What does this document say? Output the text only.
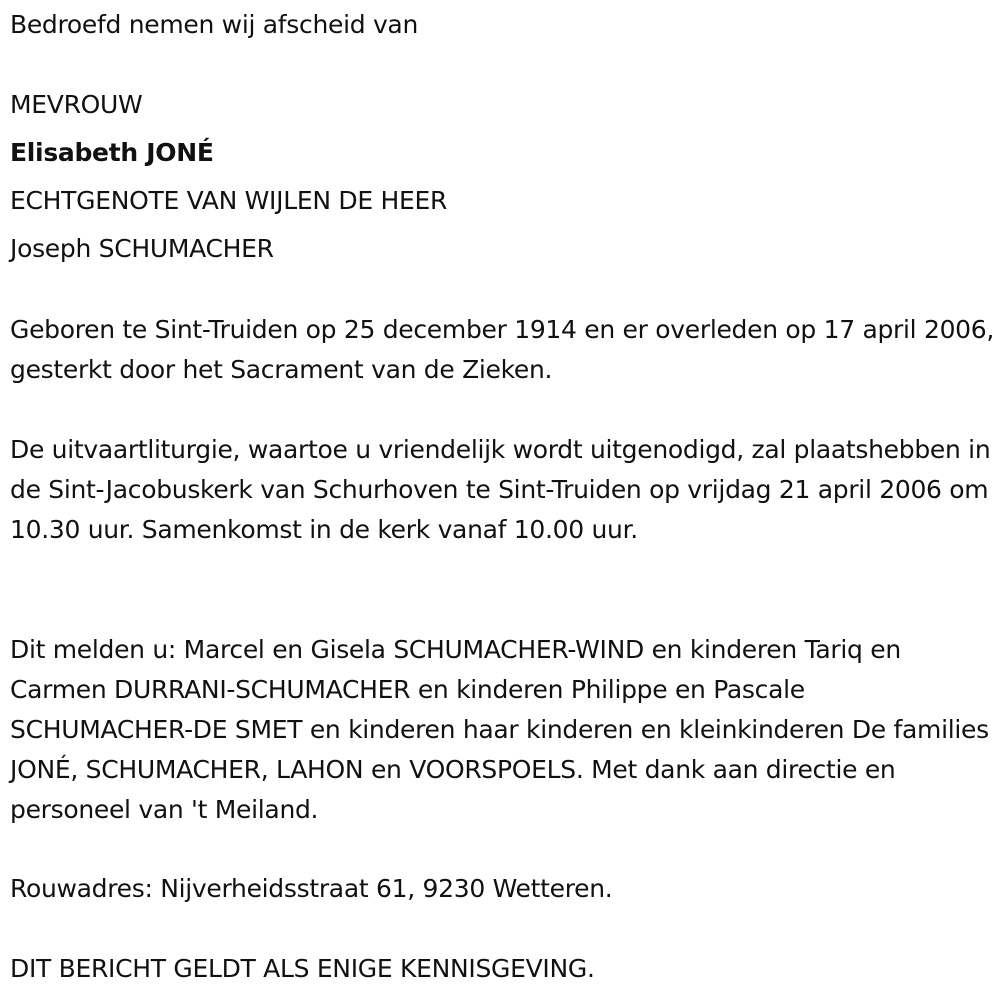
Bedroefd nemen wij afscheid van
MEVROUW
Elisabeth JONÉ
ECHTGENOTE VAN WIJLEN DE HEER
Joseph SCHUMACHER
Geboren te Sint-Truiden op 25 december 1914 en er overleden op 17 april 2006, gesterkt door het Sacrament van de Zieken.
De uitvaartliturgie, waartoe u vriendelijk wordt uitgenodigd, zal plaatshebben in de Sint-Jacobuskerk van Schurhoven te Sint-Truiden op vrijdag 21 april 2006 om 10.30 uur. Samenkomst in de kerk vanaf 10.00 uur.
Dit melden u: Marcel en Gisela SCHUMACHER-WIND en kinderen Tariq en Carmen DURRANI-SCHUMACHER en kinderen Philippe en Pascale SCHUMACHER-DE SMET en kinderen haar kinderen en kleinkinderen De families JONÉ, SCHUMACHER, LAHON en VOORSPOELS. Met dank aan directie en personeel van 't Meiland.
Rouwadres: Nijverheidsstraat 61, 9230 Wetteren.
DIT BERICHT GELDT ALS ENIGE KENNISGEVING.
